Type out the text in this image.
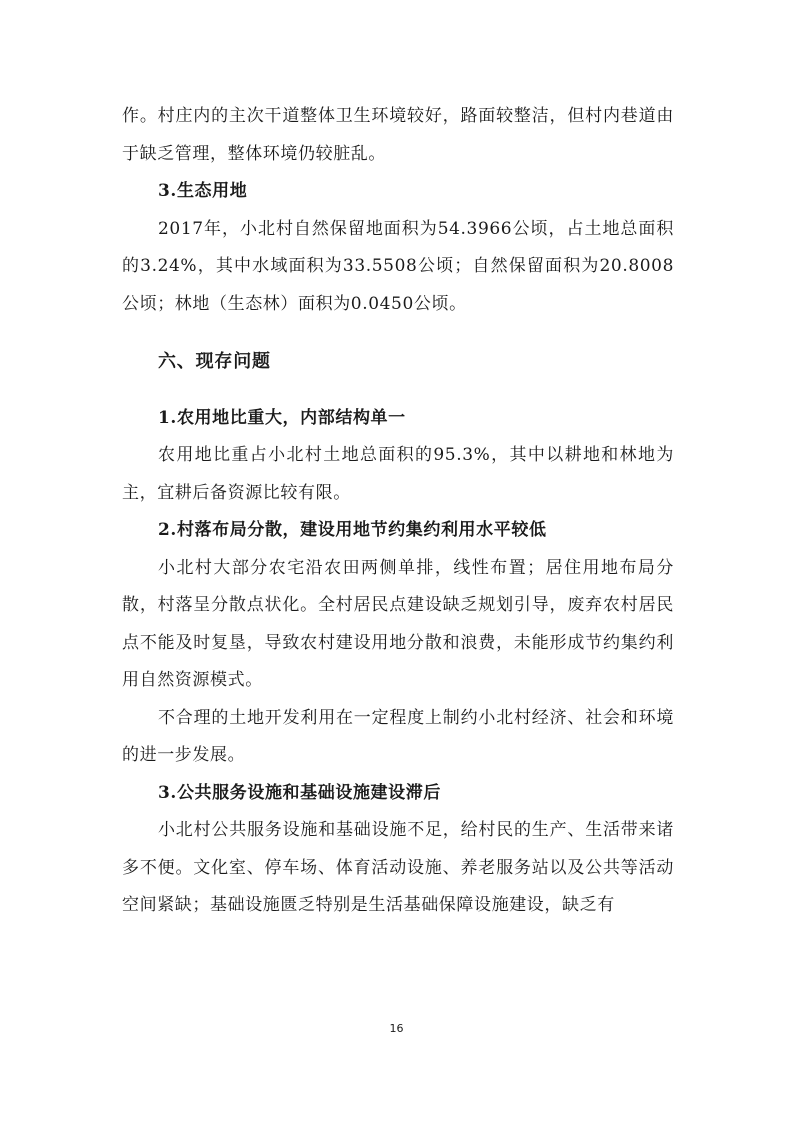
作。村庄内的主次干道整体卫生环境较好，路面较整洁，但村内巷道由于缺乏管理，整体环境仍较脏乱。

3.生态用地

2017年，小北村自然保留地面积为54.3966公顷，占土地总面积的3.24%，其中水域面积为33.5508公顷；自然保留面积为20.8008公顷；林地（生态林）面积为0.0450公顷。

六、现存问题

1.农用地比重大，内部结构单一

农用地比重占小北村土地总面积的95.3%，其中以耕地和林地为主，宜耕后备资源比较有限。

2.村落布局分散，建设用地节约集约利用水平较低

小北村大部分农宅沿农田两侧单排，线性布置；居住用地布局分散，村落呈分散点状化。全村居民点建设缺乏规划引导，废弃农村居民点不能及时复垦，导致农村建设用地分散和浪费，未能形成节约集约利用自然资源模式。

不合理的土地开发利用在一定程度上制约小北村经济、社会和环境的进一步发展。

3.公共服务设施和基础设施建设滞后

小北村公共服务设施和基础设施不足，给村民的生产、生活带来诸多不便。文化室、停车场、体育活动设施、养老服务站以及公共等活动空间紧缺；基础设施匮乏特别是生活基础保障设施建设，缺乏有

16
